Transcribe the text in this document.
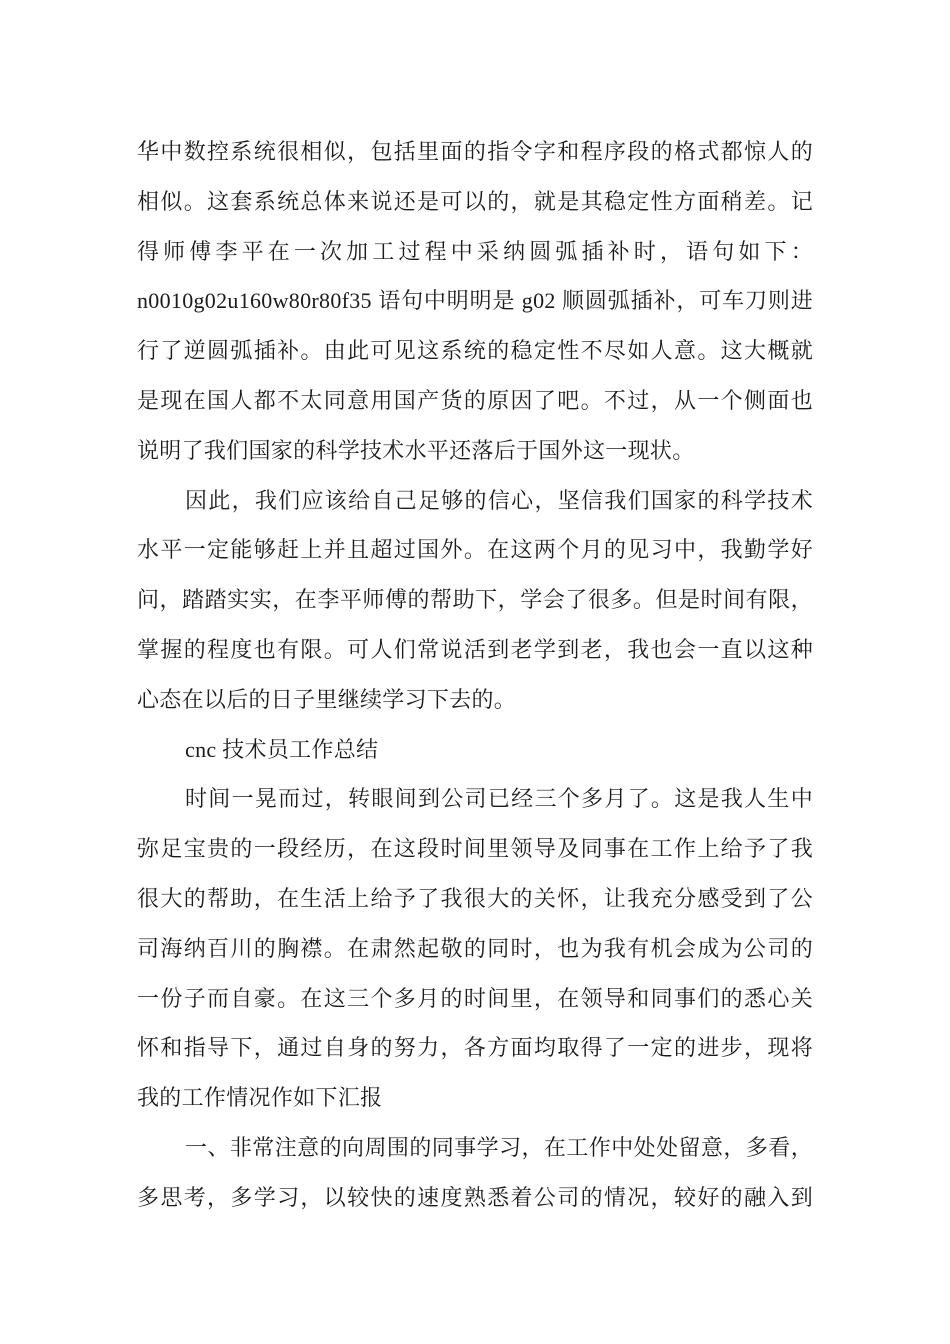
华中数控系统很相似，包括里面的指令字和程序段的格式都惊人的
相似。这套系统总体来说还是可以的，就是其稳定性方面稍差。记
得师傅李平在一次加工过程中采纳圆弧插补时，语句如下：
n0010g02u160w80r80f35 语句中明明是 g02 顺圆弧插补，可车刀则进
行了逆圆弧插补。由此可见这系统的稳定性不尽如人意。这大概就
是现在国人都不太同意用国产货的原因了吧。不过，从一个侧面也
说明了我们国家的科学技术水平还落后于国外这一现状。
因此，我们应该给自己足够的信心，坚信我们国家的科学技术
水平一定能够赶上并且超过国外。在这两个月的见习中，我勤学好
问，踏踏实实，在李平师傅的帮助下，学会了很多。但是时间有限，
掌握的程度也有限。可人们常说活到老学到老，我也会一直以这种
心态在以后的日子里继续学习下去的。
cnc 技术员工作总结
时间一晃而过，转眼间到公司已经三个多月了。这是我人生中
弥足宝贵的一段经历，在这段时间里领导及同事在工作上给予了我
很大的帮助，在生活上给予了我很大的关怀，让我充分感受到了公
司海纳百川的胸襟。在肃然起敬的同时，也为我有机会成为公司的
一份子而自豪。在这三个多月的时间里，在领导和同事们的悉心关
怀和指导下，通过自身的努力，各方面均取得了一定的进步，现将
我的工作情况作如下汇报
一、非常注意的向周围的同事学习，在工作中处处留意，多看，
多思考，多学习，以较快的速度熟悉着公司的情况，较好的融入到
